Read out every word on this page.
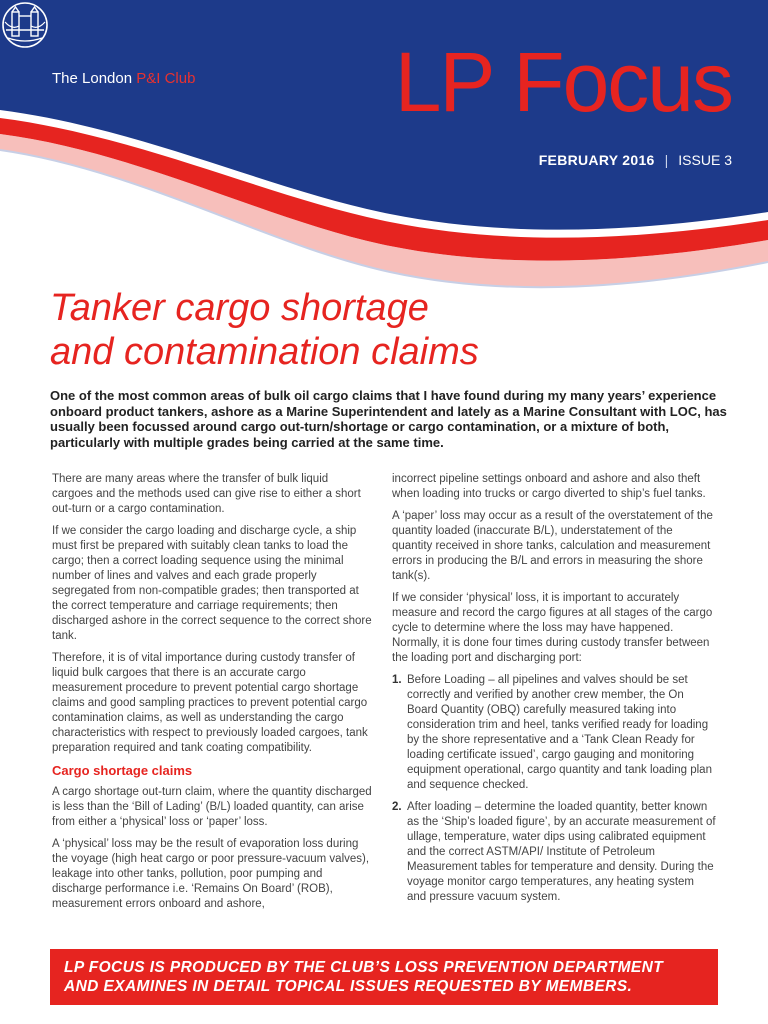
The London P&I Club LP Focus
FEBRUARY 2016 | ISSUE 3
Tanker cargo shortage
and contamination claims

One of the most common areas of bulk oil cargo claims that I have found during my many years’ experience onboard product tankers, ashore as a Marine Superintendent and lately as a Marine Consultant with LOC, has usually been focussed around cargo out-turn/shortage or cargo contamination, or a mixture of both, particularly with multiple grades being carried at the same time.

There are many areas where the transfer of bulk liquid cargoes and the methods used can give rise to either a short out-turn or a cargo contamination.

If we consider the cargo loading and discharge cycle, a ship must first be prepared with suitably clean tanks to load the cargo; then a correct loading sequence using the minimal number of lines and valves and each grade properly segregated from non-compatible grades; then transported at the correct temperature and carriage requirements; then discharged ashore in the correct sequence to the correct shore tank.

Therefore, it is of vital importance during custody transfer of liquid bulk cargoes that there is an accurate cargo measurement procedure to prevent potential cargo shortage claims and good sampling practices to prevent potential cargo contamination claims, as well as understanding the cargo characteristics with respect to previously loaded cargoes, tank preparation required and tank coating compatibility.

Cargo shortage claims

A cargo shortage out-turn claim, where the quantity discharged is less than the ‘Bill of Lading’ (B/L) loaded quantity, can arise from either a ‘physical’ loss or ‘paper’ loss.

A ‘physical’ loss may be the result of evaporation loss during the voyage (high heat cargo or poor pressure-vacuum valves), leakage into other tanks, pollution, poor pumping and discharge performance i.e. ‘Remains On Board’ (ROB), measurement errors onboard and ashore,

incorrect pipeline settings onboard and ashore and also theft when loading into trucks or cargo diverted to ship’s fuel tanks.

A ‘paper’ loss may occur as a result of the overstatement of the quantity loaded (inaccurate B/L), understatement of the quantity received in shore tanks, calculation and measurement errors in producing the B/L and errors in measuring the shore tank(s).

If we consider ‘physical’ loss, it is important to accurately measure and record the cargo figures at all stages of the cargo cycle to determine where the loss may have happened. Normally, it is done four times during custody transfer between the loading port and discharging port:

1. Before Loading – all pipelines and valves should be set correctly and verified by another crew member, the On Board Quantity (OBQ) carefully measured taking into consideration trim and heel, tanks verified ready for loading by the shore representative and a ‘Tank Clean Ready for loading certificate issued’, cargo gauging and monitoring equipment operational, cargo quantity and tank loading plan and sequence checked.
2. After loading – determine the loaded quantity, better known as the ‘Ship’s loaded figure’, by an accurate measurement of ullage, temperature, water dips using calibrated equipment and the correct ASTM/API/ Institute of Petroleum Measurement tables for temperature and density. During the voyage monitor cargo temperatures, any heating system and pressure vacuum system.
LP FOCUS IS PRODUCED BY THE CLUB’S LOSS PREVENTION DEPARTMENT
AND EXAMINES IN DETAIL TOPICAL ISSUES REQUESTED BY MEMBERS.
